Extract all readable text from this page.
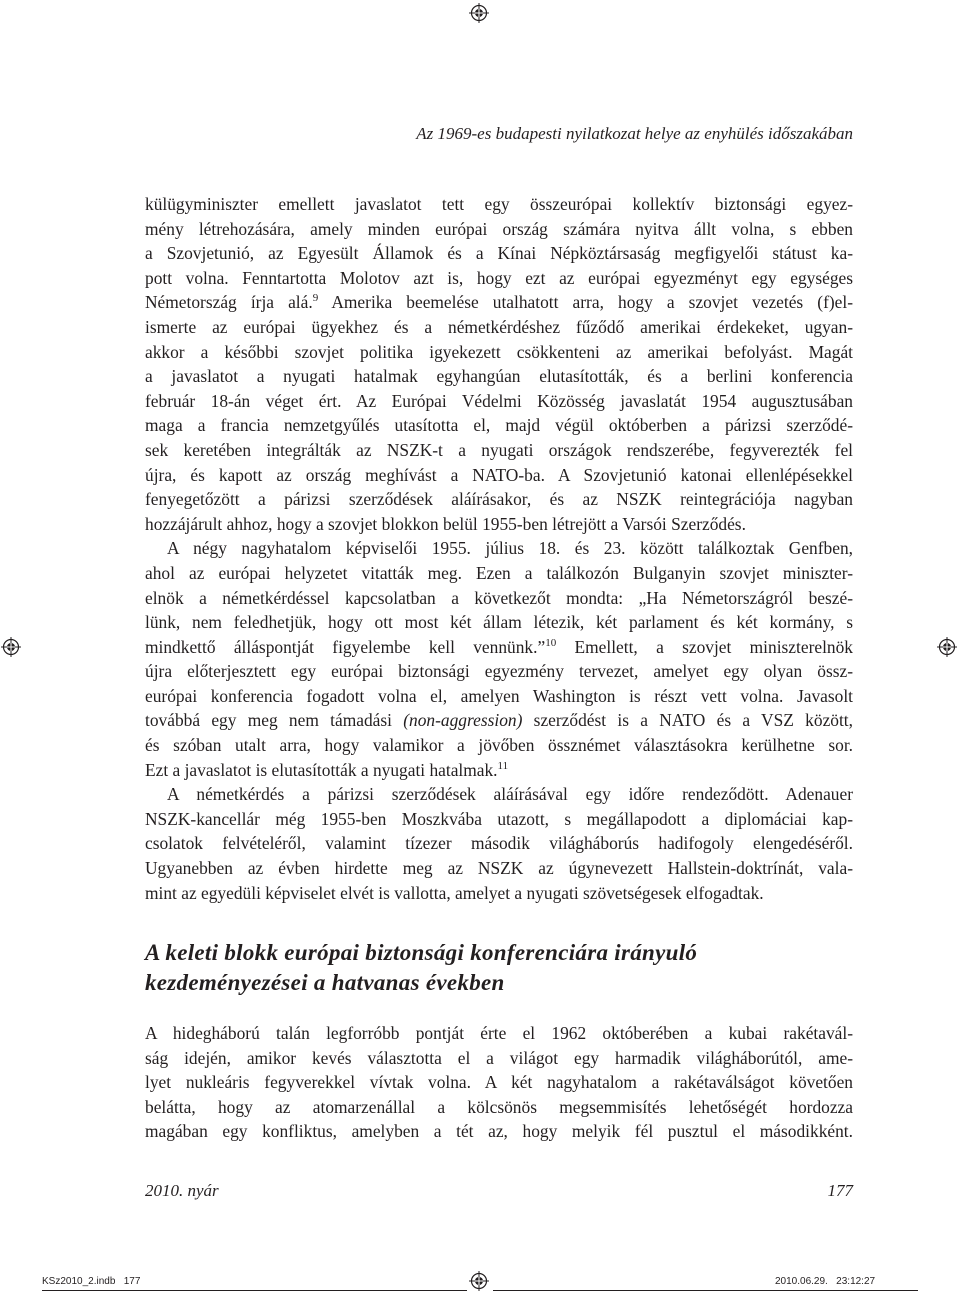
Az 1969-es budapesti nyilatkozat helye az enyhülés időszakában
külügyminiszter emellett javaslatot tett egy összeurópai kollektív biztonsági egyez-
mény létrehozására, amely minden európai ország számára nyitva állt volna, s ebben
a Szovjetunió, az Egyesült Államok és a Kínai Népköztársaság megfigyelői státust ka-
pott volna. Fenntartotta Molotov azt is, hogy ezt az európai egyezményt egy egységes
Németország írja alá.$^9$ Amerika beemelése utalhatott arra, hogy a szovjet vezetés (f)el-
ismerte az európai ügyekhez és a németkérdéshez fűződő amerikai érdekeket, ugyan-
akkor a későbbi szovjet politika igyekezett csökkenteni az amerikai befolyást. Magát
a javaslatot a nyugati hatalmak egyhangúan elutasították, és a berlini konferencia
február 18-án véget ért. Az Európai Védelmi Közösség javaslatát 1954 augusztusában
maga a francia nemzetgyűlés utasította el, majd végül októberben a párizsi szerződé-
sek keretében integrálták az NSZK-t a nyugati országok rendszerébe, fegyverezték fel
újra, és kapott az ország meghívást a NATO-ba. A Szovjetunió katonai ellenlépésekkel
fenyegetőzött a párizsi szerződések aláírásakor, és az NSZK reintegrációja nagyban
hozzájárult ahhoz, hogy a szovjet blokkon belül 1955-ben létrejött a Varsói Szerződés.
A négy nagyhatalom képviselői 1955. július 18. és 23. között találkoztak Genfben,
ahol az európai helyzetet vitatták meg. Ezen a találkozón Bulganyin szovjet miniszter-
elnök a németkérdéssel kapcsolatban a következőt mondta: „Ha Németországról beszé-
lünk, nem feledhetjük, hogy ott most két állam létezik, két parlament és két kormány, s
mindkettő álláspontját figyelembe kell vennünk.”$^{10}$ Emellett, a szovjet miniszterelnök
újra előterjesztett egy európai biztonsági egyezmény tervezet, amelyet egy olyan össz-
európai konferencia fogadott volna el, amelyen Washington is részt vett volna. Javasolt
továbbá egy meg nem támadási (non-aggression) szerződést is a NATO és a VSZ között,
és szóban utalt arra, hogy valamikor a jövőben össznémet választásokra kerülhetne sor.
Ezt a javaslatot is elutasították a nyugati hatalmak.$^{11}$
A németkérdés a párizsi szerződések aláírásával egy időre rendeződött. Adenauer
NSZK-kancellár még 1955-ben Moszkvába utazott, s megállapodott a diplomáciai kap-
csolatok felvételéről, valamint tízezer második világháborús hadifogoly elengedéséről.
Ugyanebben az évben hirdette meg az NSZK az úgynevezett Hallstein-doktrínát, vala-
mint az egyedüli képviselet elvét is vallotta, amelyet a nyugati szövetségesek elfogadtak.
A keleti blokk európai biztonsági konferenciára irányuló
kezdeményezései a hatvanas években
A hidegháború talán legforróbb pontját érte el 1962 októberében a kubai rakétavál-
ság idején, amikor kevés választotta el a világot egy harmadik világháborútól, ame-
lyet nukleáris fegyverekkel vívtak volna. A két nagyhatalom a rakétaválságot követően
belátta, hogy az atomarzenállal a kölcsönös megsemmisítés lehetőségét hordozza
magában egy konfliktus, amelyben a tét az, hogy melyik fél pusztul el másodikként.
2010. nyár	177
KSz2010_2.indb   177	2010.06.29.   23:12:27
